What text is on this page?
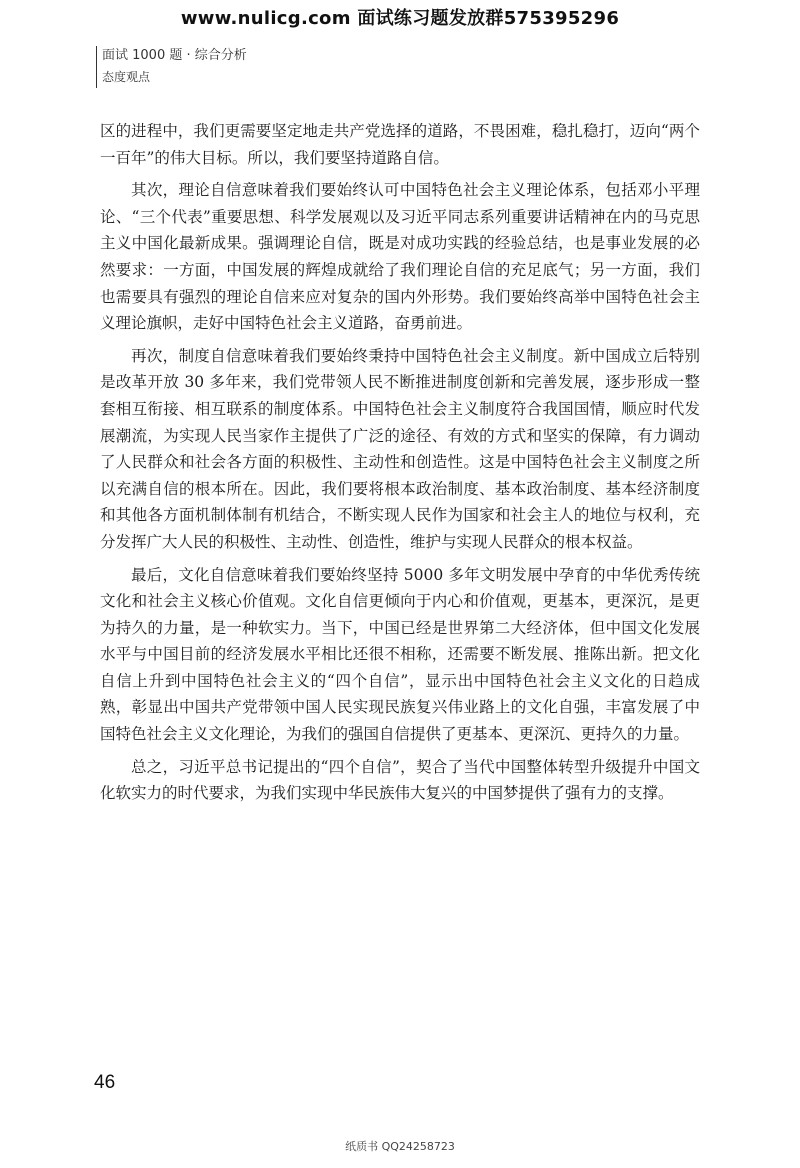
www.nulicg.com 面试练习题发放群575395296
面试 1000 题 · 综合分析
态度观点

区的进程中，我们更需要坚定地走共产党选择的道路，不畏困难，稳扎稳打，迈向“两个一百年”的伟大目标。所以，我们要坚持道路自信。

其次，理论自信意味着我们要始终认可中国特色社会主义理论体系，包括邓小平理论、“三个代表”重要思想、科学发展观以及习近平同志系列重要讲话精神在内的马克思主义中国化最新成果。强调理论自信，既是对成功实践的经验总结，也是事业发展的必然要求：一方面，中国发展的辉煌成就给了我们理论自信的充足底气；另一方面，我们也需要具有强烈的理论自信来应对复杂的国内外形势。我们要始终高举中国特色社会主义理论旗帜，走好中国特色社会主义道路，奋勇前进。

再次，制度自信意味着我们要始终秉持中国特色社会主义制度。新中国成立后特别是改革开放 30 多年来，我们党带领人民不断推进制度创新和完善发展，逐步形成一整套相互衔接、相互联系的制度体系。中国特色社会主义制度符合我国国情，顺应时代发展潮流，为实现人民当家作主提供了广泛的途径、有效的方式和坚实的保障，有力调动了人民群众和社会各方面的积极性、主动性和创造性。这是中国特色社会主义制度之所以充满自信的根本所在。因此，我们要将根本政治制度、基本政治制度、基本经济制度和其他各方面机制体制有机结合，不断实现人民作为国家和社会主人的地位与权利，充分发挥广大人民的积极性、主动性、创造性，维护与实现人民群众的根本权益。

最后，文化自信意味着我们要始终坚持 5000 多年文明发展中孕育的中华优秀传统文化和社会主义核心价值观。文化自信更倾向于内心和价值观，更基本，更深沉，是更为持久的力量，是一种软实力。当下，中国已经是世界第二大经济体，但中国文化发展水平与中国目前的经济发展水平相比还很不相称，还需要不断发展、推陈出新。把文化自信上升到中国特色社会主义的“四个自信”，显示出中国特色社会主义文化的日趋成熟，彰显出中国共产党带领中国人民实现民族复兴伟业路上的文化自强，丰富发展了中国特色社会主义文化理论，为我们的强国自信提供了更基本、更深沉、更持久的力量。

总之，习近平总书记提出的“四个自信”，契合了当代中国整体转型升级提升中国文化软实力的时代要求，为我们实现中华民族伟大复兴的中国梦提供了强有力的支撑。

46
纸质书 QQ24258723
